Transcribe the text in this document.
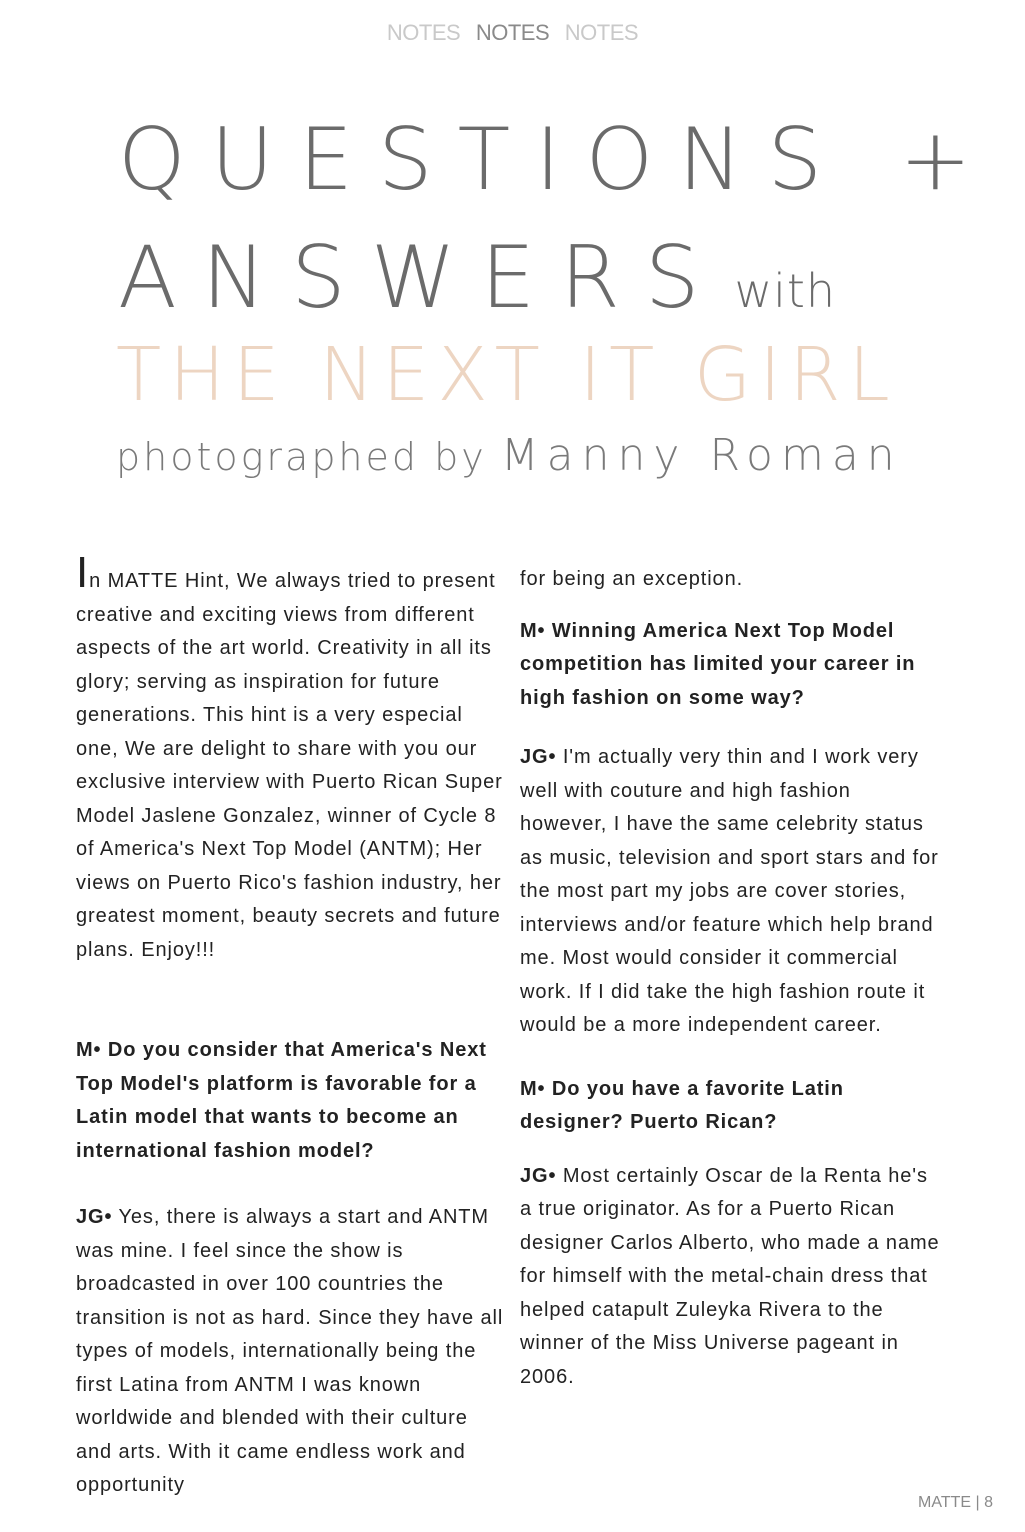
NOTES NOTES NOTES
QUESTIONS +
ANSWERS with
THE NEXT IT GIRL
photographed by Manny Roman

In MATTE Hint, We always tried to present creative and exciting views from different aspects of the art world. Creativity in all its glory; serving as inspiration for future generations. This hint is a very especial one, We are delight to share with you our exclusive interview with Puerto Rican Super Model Jaslene Gonzalez, winner of Cycle 8 of America's Next Top Model (ANTM); Her views on Puerto Rico's fashion industry, her greatest moment, beauty secrets and future plans. Enjoy!!!

M• Do you consider that America's Next Top Model's platform is favorable for a Latin model that wants to become an international fashion model?

JG• Yes, there is always a start and ANTM was mine. I feel since the show is broadcasted in over 100 countries the transition is not as hard. Since they have all types of models, internationally being the first Latina from ANTM I was known worldwide and blended with their culture and arts. With it came endless work and opportunity

for being an exception.

M• Winning America Next Top Model competition has limited your career in high fashion on some way?

JG• I'm actually very thin and I work very well with couture and high fashion however, I have the same celebrity status as music, television and sport stars and for the most part my jobs are cover stories, interviews and/or feature which help brand me. Most would consider it commercial work. If I did take the high fashion route it would be a more independent career.

M• Do you have a favorite Latin designer? Puerto Rican?

JG• Most certainly Oscar de la Renta he's a true originator. As for a Puerto Rican designer Carlos Alberto, who made a name for himself with the metal-chain dress that helped catapult Zuleyka Rivera to the winner of the Miss Universe pageant in 2006.

MATTE | 8
